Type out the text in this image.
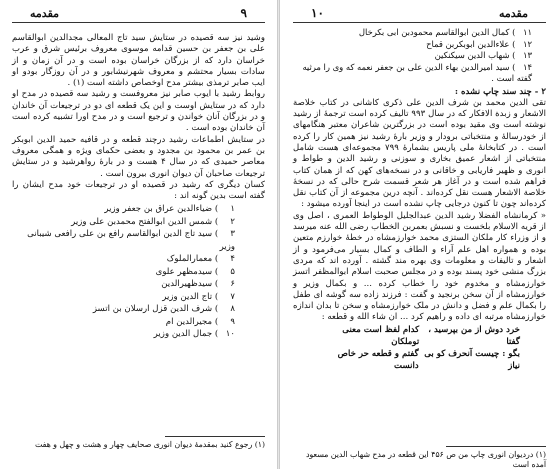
٩
مقدمه

وشید نیز سه قصیده در ستایش سید تاج المعالی مجدالدین ابوالقاسم علی بن جعفر بن حسین قدامه موسوی معروف برئیس شرق و عرب خراسان دارد که از بزرگان خراسان بوده است و در آن زمان و از سادات بسیار محتشم و معروف شهرنیشابور و در آن روزگار بودو او ایب صابر ترمذی بیشتر مدح اوخصاص داشته است (۱) .

روابط رشید با ایوب صابر نیز معروفست و رشید سه قصیده در مدح او دارد که در ستایش اوست و این یک قطعه ای دو در ترجیعات آن خاندان و در بزرگان آنان خواندن و ترجیع است و در مدح اورا تشبیه کرده است آن خاندان بوده است .

در ستایش اطماعات رشید درچند قطعه و در قافیه حمید الدین ابوبکر بن عمر بن محمود بن مجدود و بعضی حکمای ویژه و همگی معروف معاصر حمیدی که در سال ۴ هست و در بارهٔ رواهرشید و در ستایش ترجیعات صاحبان آن دیوان انوری بیرون است .

کسان دیگری که رشید در قصیده او در ترجیعات خود مدح ایشان را گفته است بدین گونه اند :

۱ ) ضیاءالدین عراق بن جعفر وزیر
۲ ) شمس الدین ابوالفتح محمدبن علی وزیر
۳ ) سید تاج الدین ابوالقاسم رافع بن علی رافعی شیبانی وزیر
۴ ) معمارالملوک
۵ ) سیدمظهر علوی
۶ ) سیدظهیرالدین
۷ ) تاج الدین وزیر
۸ ) شرف الدین قزل ارسلان بن اتسز
۹ ) مجیرالدین ام
۱۰ ) جمال الدین وزیر
(۱) رجوع کنید بمقدمهٔ دیوان انوری صحایف چهار و هشت و چهل و هفت
مقدمه
۱۰
۱۱ ) کمال الدین ابوالقاسم محمودبن ابی بکرخال
۱۲ ) علاءالدین ابوبکربن قماح
۱۳ ) شهاب الدین سیکنکین
۱۴ ) سید امیرالدین بهاء الدین علی بن جعفر نعمه که وی را مرثیه گفته است .

۲ - چند سند چاپ نشده :

تقی الدین محمد بن شرف الدین علی ذکری کاشانی در کتاب خلاصة الاشعار و زبدة الافکار که در سال ۹۹۳ تالیف کرده است ترجمهٔ از رشید نوشته است وی مقید بوده است در بزرگترین شاعران معتبر هنگامهای از خودرسالۀ و منتخباتی برودار و وزیر بارهٔ رشید نیز همین کار را کرده است . در کتابخانهٔ ملی پاریس بشمارهٔ ۷۹۹ مجموعه‌ای هست شامل منتخباتی از اشعار عمیق بخاری و سوزنی و رشید الدین و طواط و انوری و ظهیر فاریابی و خاقانی و در نسخه‌های کهن که از همان کتاب فراهم شده است و در آغاز هر شعر قسمت شرح حالی که در نسخهٔ خلاصة الاشعار هست نقل کرده‌اند . آنچه درین مجموعه از آن کتاب نقل کرده‌اند چون تا کنون درجایی چاپ نشده است در اینجا آورده میشود :

« کرمانشاه الفضلا رشید الدین عبدالجلیل الوطواط العمری ، اصل وی از قریه الاسلام بلخست و نسبش بعمربن الخطاب رضی الله عنه میرسد و از وزراء کار ملکان الستزی محمد خوارزمشاه در خطهٔ خوارزم متعین بوده و همواره اهل علم آراء و الطاف و کمال بسیار می‌فرمود و از اشعار و تالیفات و معلومات وی بهره مند گشته . آورده اند که مردی بزرگ منشی خود پسند بوده و در مجلس صحبت اسلام ابوالمظفر اتسز خوارزمشاه و مخدوم خود را خطاب کرده ... و بکمال وزیر و خوارزمشاه از آن سخن برنجید و گفت : فرزند زاده سه گوشه ای طفل را بکمال علم و فضل و دانش در ملک خوارزمشاه و سخن تا بدان اندازه خوارزمشاه مرتبه ای داده و راهیم کرد ... ان شاء الله و قطعه :

خرد دوش از من بپرسید ، گفتا
کدام لفظ است معنی توملکان
بگو : چیست آنحرف کو بی نیاز
گفتم و قطعه حر خاص دانست
(۱) دردیوان انوری چاپ من ص ۴۵۶ این قطعه در مدح شهاب الدین مسعود آمده است
